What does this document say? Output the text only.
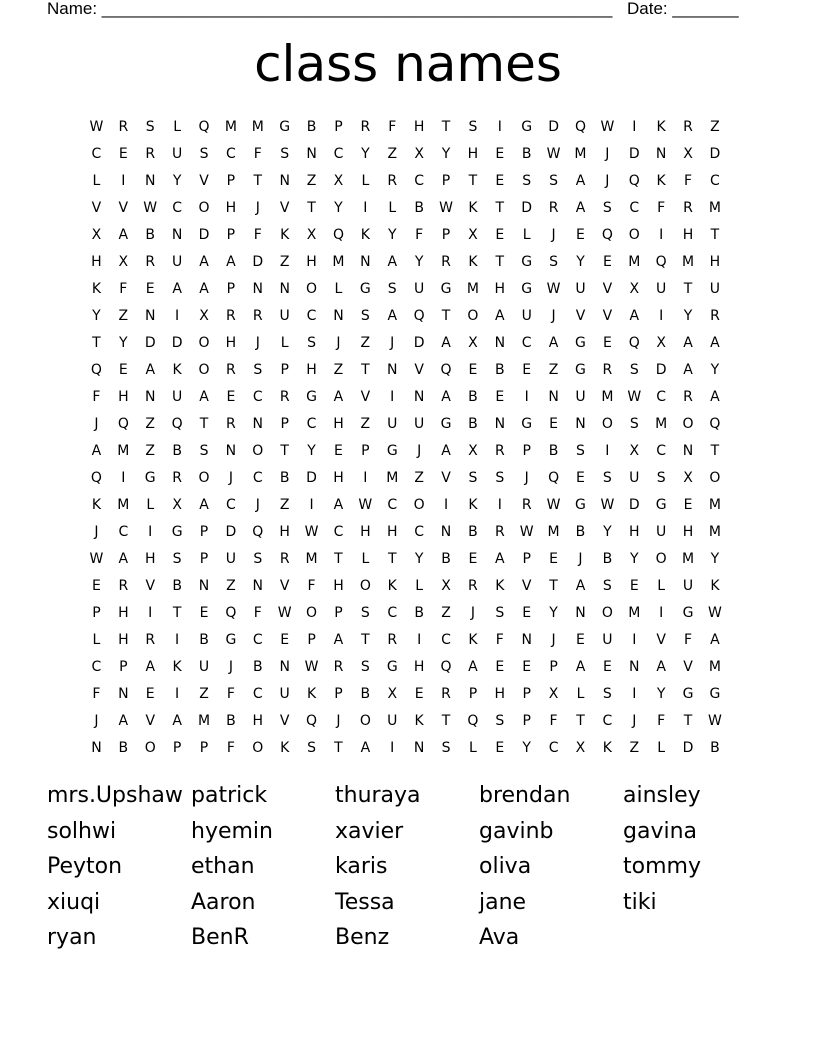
Name: ______________________________________________________ Date: _______
class names
W	R	S	L	Q	M	M	G	B	P	R	F	H	T	S	I	G	D	Q	W	I	K	R	Z
C	E	R	U	S	C	F	S	N	C	Y	Z	X	Y	H	E	B	W M	J	D	N	X	D
L	I	N	Y	V	P	T	N	Z	X	L	R	C	P	T	E	S	S	A	J	Q	K	F	C
V	V	W	C	O	H	J	V	T	Y	I	L	B	W	K	T	D	R	A	S	C	F	R	M
X	A	B	N	D	P	F	K	X	Q	K	Y	F	P	X	E	L	J	E	Q	O	I	H	T
H	X	R	U	A	A	D	Z	H	M	N	A	Y	R	K	T	G	S	Y	E	M	Q	M	H
K	F	E	A	A	P	N	N	O	L	G	S	U	G	M	H	G	W	U	V	X	U	T	U
Y	Z	N	I	X	R	R	U	C	N	S	A	Q	T	O	A	U	J	V	V	A	I	Y	R
T	Y	D	D	O	H	J	L	S	J	Z	J	D	A	X	N	C	A	G	E	Q	X	A	A
Q	E	A	K	O	R	S	P	H	Z	T	N	V	Q	E	B	E	Z	G	R	S	D	A	Y
F	H	N	U	A	E	C	R	G	A	V	I	N	A	B	E	I	N	U	M W	C	R	A
J	Q	Z	Q	T	R	N	P	C	H	Z	U	U	G	B	N	G	E	N	O	S	M	O	Q
A	M	Z	B	S	N	O	T	Y	E	P	G	J	A	X	R	P	B	S	I	X	C	N	T
Q	I	G	R	O	J	C	B	D	H	I	M	Z	V	S	S	J	Q	E	S	U	S	X	O
K	M	L	X	A	C	J	Z	I	A	W	C	O	I	K	I	R	W	G	W	D	G	E	M
J	C	I	G	P	D	Q	H	W	C	H	H	C	N	B	R	W M	B	Y	H	U	H	M
W	A	H	S	P	U	S	R	M	T	L	T	Y	B	E	A	P	E	J	B	Y	O	M	Y
E	R	V	B	N	Z	N	V	F	H	O	K	L	X	R	K	V	T	A	S	E	L	U	K
P	H	I	T	E	Q	F	W	O	P	S	C	B	Z	J	S	E	Y	N	O	M	I	G	W
L	H	R	I	B	G	C	E	P	A	T	R	I	C	K	F	N	J	E	U	I	V	F	A
C	P	A	K	U	J	B	N	W	R	S	G	H	Q	A	E	E	P	A	E	N	A	V	M
F	N	E	I	Z	F	C	U	K	P	B	X	E	R	P	H	P	X	L	S	I	Y	G	G
J	A	V	A	M	B	H	V	Q	J	O	U	K	T	Q	S	P	F	T	C	J	F	T	W
N	B	O	P	P	F	O	K	S	T	A	I	N	S	L	E	Y	C	X	K	Z	L	D	B
mrs.Upshaw patrick	thuraya	brendan	ainsley
solhwi	hyemin	xavier	gavinb	gavina
Peyton	ethan	karis	oliva	tommy
xiuqi	Aaron	Tessa	jane	tiki
ryan	BenR	Benz	Ava
